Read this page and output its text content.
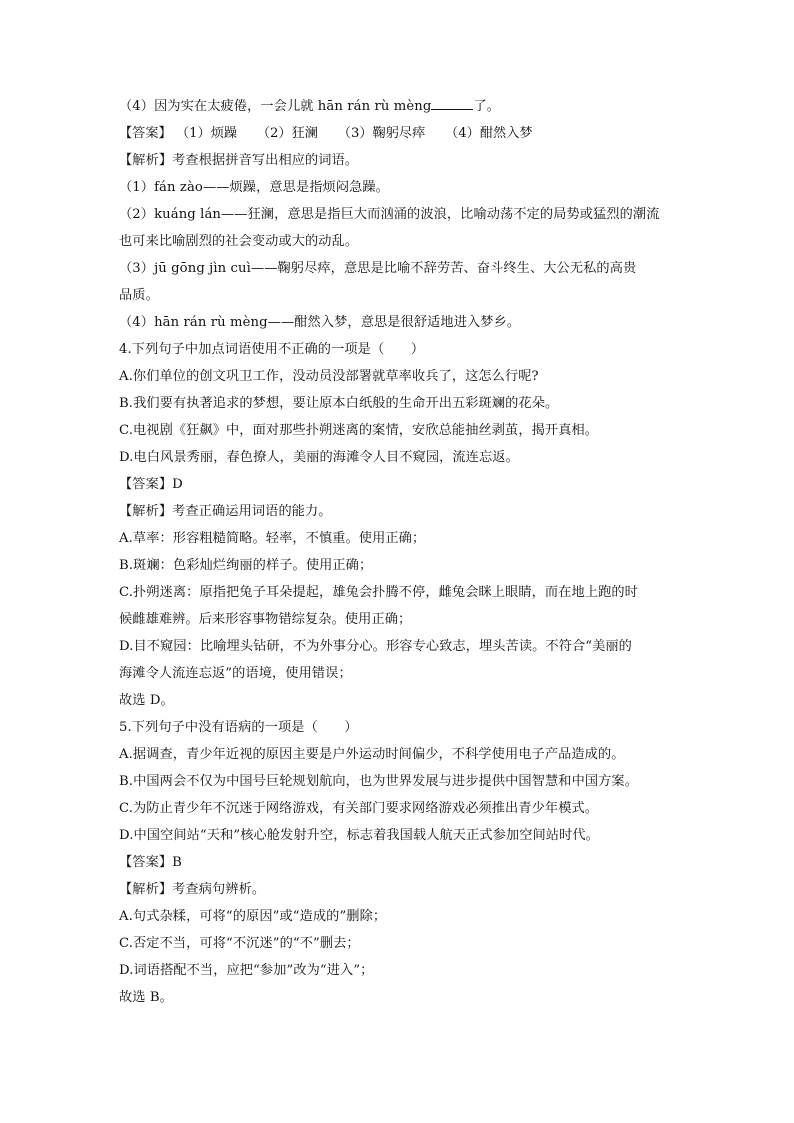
（4）因为实在太疲倦，一会儿就 hān rán rù mèng	了。
【答案】 （1）烦躁　　（2）狂澜　　（3）鞠躬尽瘁　　（4）酣然入梦
【解析】考查根据拼音写出相应的词语。
（1）fán zào——烦躁，意思是指烦闷急躁。
（2）kuáng lán——狂澜，意思是指巨大而汹涌的波浪，比喻动荡不定的局势或猛烈的潮流
也可来比喻剧烈的社会变动或大的动乱。
（3）jū gōng jìn cuì——鞠躬尽瘁，意思是比喻不辞劳苦、奋斗终生、大公无私的高贵
品质。
（4）hān rán rù mèng——酣然入梦，意思是很舒适地进入梦乡。
4.下列句子中加点词语使用不正确的一项是（　　）
A.你们单位的创文巩卫工作，没动员没部署就草率收兵了，这怎么行呢?
B.我们要有执著追求的梦想，要让原本白纸般的生命开出五彩斑斓的花朵。
C.电视剧《狂飙》中，面对那些扑朔迷离的案情，安欣总能抽丝剥茧，揭开真相。
D.电白风景秀丽，春色撩人，美丽的海滩令人目不窥园，流连忘返。
【答案】D
【解析】考查正确运用词语的能力。
A.草率：形容粗糙简略。轻率，不慎重。使用正确；
B.斑斓：色彩灿烂绚丽的样子。使用正确；
C.扑朔迷离：原指把兔子耳朵提起，雄兔会扑腾不停，雌兔会眯上眼睛，而在地上跑的时
候雌雄难辨。后来形容事物错综复杂。使用正确；
D.目不窥园：比喻埋头钻研，不为外事分心。形容专心致志，埋头苦读。不符合“美丽的
海滩令人流连忘返”的语境，使用错误；
故选 D。
5.下列句子中没有语病的一项是（　　）
A.据调查，青少年近视的原因主要是户外运动时间偏少，不科学使用电子产品造成的。
B.中国两会不仅为中国号巨轮规划航向，也为世界发展与进步提供中国智慧和中国方案。
C.为防止青少年不沉迷于网络游戏，有关部门要求网络游戏必须推出青少年模式。
D.中国空间站“天和”核心舱发射升空，标志着我国载人航天正式参加空间站时代。
【答案】B
【解析】考查病句辨析。
A.句式杂糅，可将“的原因”或“造成的”删除；
C.否定不当，可将“不沉迷”的“不”删去；
D.词语搭配不当，应把“参加”改为“进入”；
故选 B。
